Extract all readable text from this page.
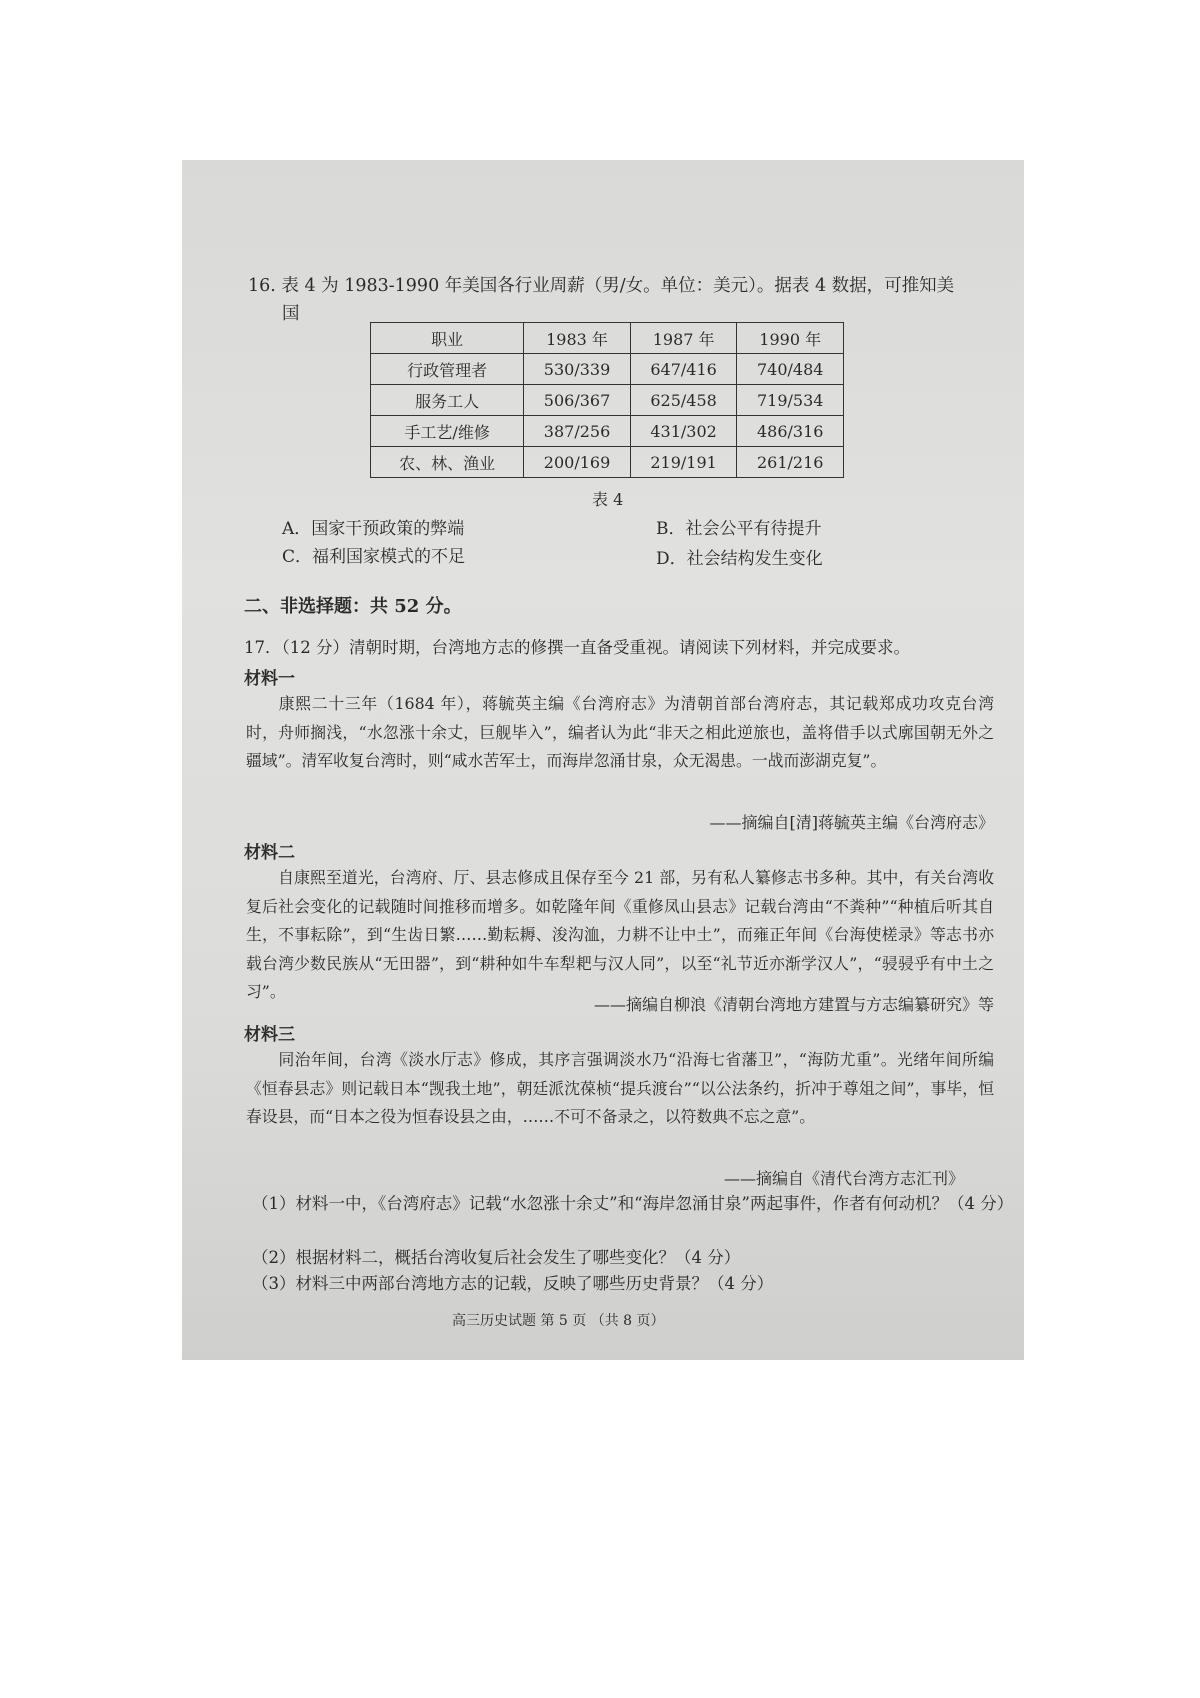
16. 表 4 为 1983-1990 年美国各行业周薪（男/女。单位：美元）。据表 4 数据，可推知美
国
职业	1983 年	1987 年	1990 年
行政管理者	530/339	647/416	740/484
服务工人	506/367	625/458	719/534
手工艺/维修	387/256	431/302	486/316
农、林、渔业	200/169	219/191	261/216
表 4
A．国家干预政策的弊端	B．社会公平有待提升
C．福利国家模式的不足	D．社会结构发生变化
二、非选择题：共 52 分。
17．（12 分）清朝时期，台湾地方志的修撰一直备受重视。请阅读下列材料，并完成要求。
材料一
康熙二十三年（1684 年），蒋毓英主编《台湾府志》为清朝首部台湾府志，其记载郑成功攻克台湾时，舟师搁浅，“水忽涨十余丈，巨舰毕入”，编者认为此“非天之相此逆旅也，盖将借手以式廓国朝无外之疆域”。清军收复台湾时，则“咸水苦军士，而海岸忽涌甘泉，众无渴患。一战而澎湖克复”。
——摘编自[清]蒋毓英主编《台湾府志》
材料二
自康熙至道光，台湾府、厅、县志修成且保存至今 21 部，另有私人纂修志书多种。其中，有关台湾收复后社会变化的记载随时间推移而增多。如乾隆年间《重修凤山县志》记载台湾由“不粪种”“种植后听其自生，不事耘除”，到“生齿日繁……勤耘耨、浚沟洫，力耕不让中土”，而雍正年间《台海使槎录》等志书亦载台湾少数民族从“无田器”，到“耕种如牛车犁耙与汉人同”，以至“礼节近亦渐学汉人”，“骎骎乎有中土之习”。
——摘编自柳浪《清朝台湾地方建置与方志编纂研究》等
材料三
同治年间，台湾《淡水厅志》修成，其序言强调淡水乃“沿海七省藩卫”，“海防尤重”。光绪年间所编《恒春县志》则记载日本“觊我土地”，朝廷派沈葆桢“提兵渡台”“以公法条约，折冲于尊俎之间”，事毕，恒春设县，而“日本之役为恒春设县之由，……不可不备录之，以符数典不忘之意”。
——摘编自《清代台湾方志汇刊》
（1）材料一中，《台湾府志》记载“水忽涨十余丈”和“海岸忽涌甘泉”两起事件，作者有何动机？（4 分）
（2）根据材料二，概括台湾收复后社会发生了哪些变化？（4 分）
（3）材料三中两部台湾地方志的记载，反映了哪些历史背景？（4 分）
高三历史试题 第 5 页 （共 8 页）
